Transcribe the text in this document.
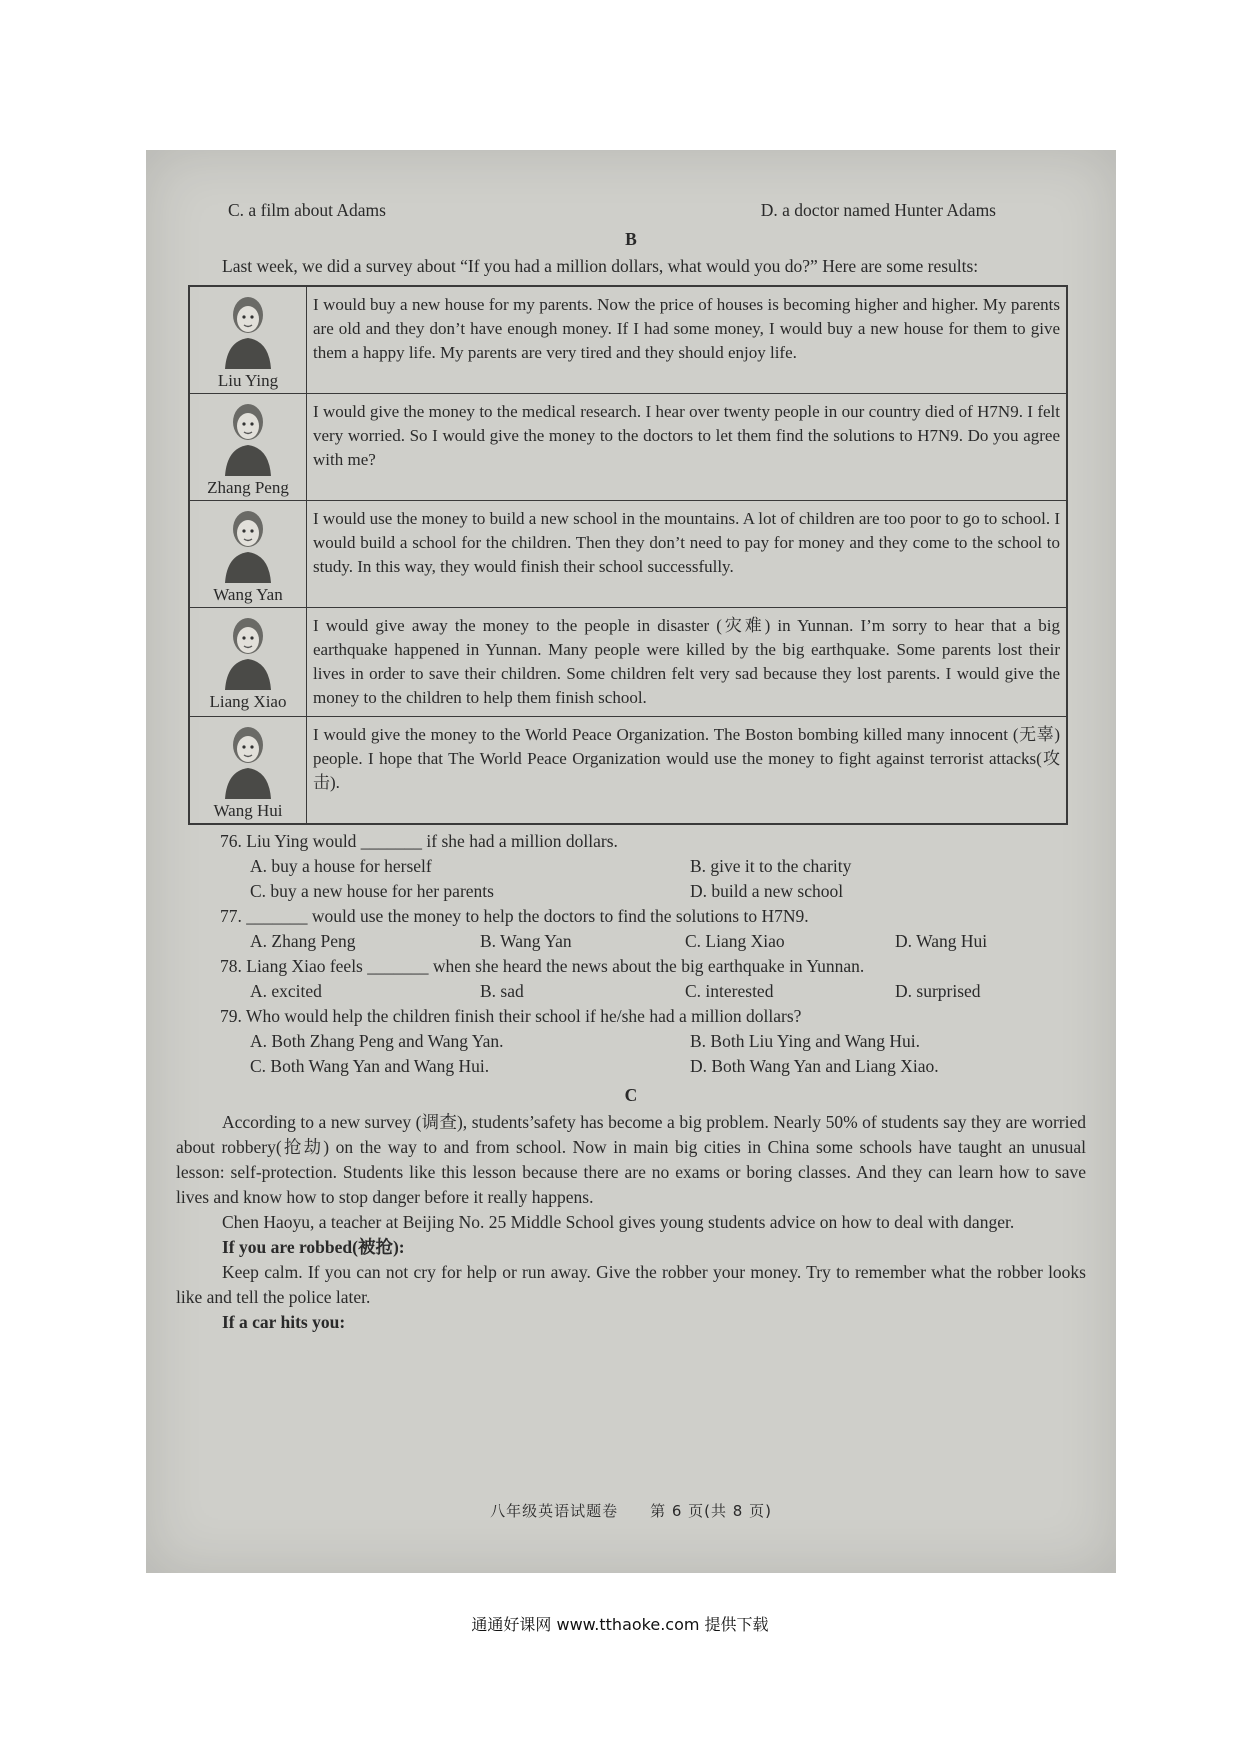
C. a film about Adams	D. a doctor named Hunter Adams
B

Last week, we did a survey about “If you had a million dollars, what would you do?” Here are some results:

Liu Ying	I would buy a new house for my parents. Now the price of houses is becoming higher and higher. My parents are old and they don’t have enough money. If I had some money, I would buy a new house for them to give them a happy life. My parents are very tired and they should enjoy life.

Zhang Peng	I would give the money to the medical research. I hear over twenty people in our country died of H7N9. I felt very worried. So I would give the money to the doctors to let them find the solutions to H7N9. Do you agree with me?

Wang Yan	I would use the money to build a new school in the mountains. A lot of children are too poor to go to school. I would build a school for the children. Then they don’t need to pay for money and they come to the school to study. In this way, they would finish their school successfully.

Liang Xiao	I would give away the money to the people in disaster (灾难) in Yunnan. I’m sorry to hear that a big earthquake happened in Yunnan. Many people were killed by the big earthquake. Some parents lost their lives in order to save their children. Some children felt very sad because they lost parents. I would give the money to the children to help them finish school.

Wang Hui	I would give the money to the World Peace Organization. The Boston bombing killed many innocent (无辜) people. I hope that The World Peace Organization would use the money to fight against terrorist attacks(攻击).

76. Liu Ying would _______ if she had a million dollars.

A. buy a house for herself	B. give it to the charity
C. buy a new house for her parents	D. build a new school

77. _______ would use the money to help the doctors to find the solutions to H7N9.

A. Zhang Peng	B. Wang Yan	C. Liang Xiao	D. Wang Hui

78. Liang Xiao feels _______ when she heard the news about the big earthquake in Yunnan.

A. excited	B. sad	C. interested	D. surprised

79. Who would help the children finish their school if he/she had a million dollars?

A. Both Zhang Peng and Wang Yan.	B. Both Liu Ying and Wang Hui.
C. Both Wang Yan and Wang Hui.	D. Both Wang Yan and Liang Xiao.
C

According to a new survey (调查), students’safety has become a big problem. Nearly 50% of students say they are worried about robbery(抢劫) on the way to and from school. Now in main big cities in China some schools have taught an unusual lesson: self-protection. Students like this lesson because there are no exams or boring classes. And they can learn how to save lives and know how to stop danger before it really happens.

Chen Haoyu, a teacher at Beijing No. 25 Middle School gives young students advice on how to deal with danger.

If you are robbed(被抢):

Keep calm. If you can not cry for help or run away. Give the robber your money. Try to remember what the robber looks like and tell the police later.

If a car hits you:

八年级英语试题卷　　第 6 页(共 8 页)
通通好课网 www.tthaoke.com 提供下载
